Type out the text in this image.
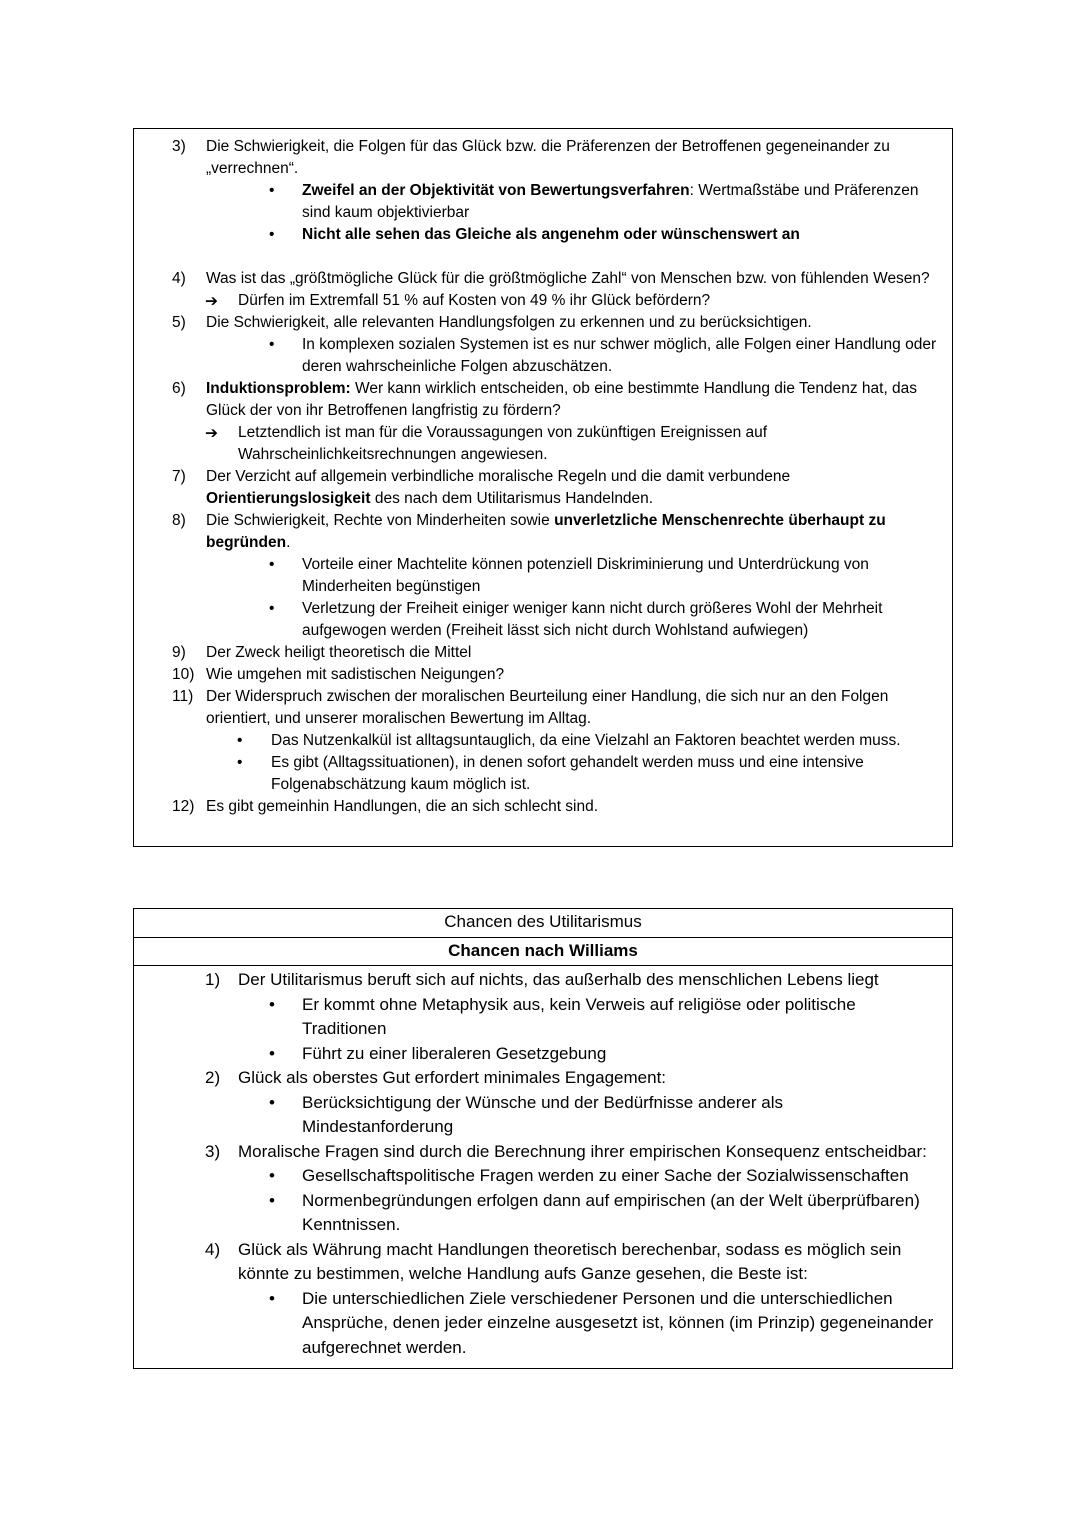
3) Die Schwierigkeit, die Folgen für das Glück bzw. die Präferenzen der Betroffenen gegeneinander zu „verrechnen“.
• Zweifel an der Objektivität von Bewertungsverfahren: Wertmaßstäbe und Präferenzen sind kaum objektivierbar
• Nicht alle sehen das Gleiche als angenehm oder wünschenswert an
4) Was ist das „größtmögliche Glück für die größtmögliche Zahl“ von Menschen bzw. von fühlenden Wesen?
➔ Dürfen im Extremfall 51 % auf Kosten von 49 % ihr Glück befördern?
5) Die Schwierigkeit, alle relevanten Handlungsfolgen zu erkennen und zu berücksichtigen.
• In komplexen sozialen Systemen ist es nur schwer möglich, alle Folgen einer Handlung oder deren wahrscheinliche Folgen abzuschätzen.
6) Induktionsproblem: Wer kann wirklich entscheiden, ob eine bestimmte Handlung die Tendenz hat, das Glück der von ihr Betroffenen langfristig zu fördern?
➔ Letztendlich ist man für die Voraussagungen von zukünftigen Ereignissen auf Wahrscheinlichkeitsrechnungen angewiesen.
7) Der Verzicht auf allgemein verbindliche moralische Regeln und die damit verbundene Orientierungslosigkeit des nach dem Utilitarismus Handelnden.
8) Die Schwierigkeit, Rechte von Minderheiten sowie unverletzliche Menschenrechte überhaupt zu begründen.
• Vorteile einer Machtelite können potenziell Diskriminierung und Unterdrückung von Minderheiten begünstigen
• Verletzung der Freiheit einiger weniger kann nicht durch größeres Wohl der Mehrheit aufgewogen werden (Freiheit lässt sich nicht durch Wohlstand aufwiegen)
9) Der Zweck heiligt theoretisch die Mittel
10) Wie umgehen mit sadistischen Neigungen?
11) Der Widerspruch zwischen der moralischen Beurteilung einer Handlung, die sich nur an den Folgen orientiert, und unserer moralischen Bewertung im Alltag.
• Das Nutzenkalkül ist alltagsuntauglich, da eine Vielzahl an Faktoren beachtet werden muss.
• Es gibt (Alltagssituationen), in denen sofort gehandelt werden muss und eine intensive Folgenabschätzung kaum möglich ist.
12) Es gibt gemeinhin Handlungen, die an sich schlecht sind.
Chancen des Utilitarismus
Chancen nach Williams
1) Der Utilitarismus beruft sich auf nichts, das außerhalb des menschlichen Lebens liegt
• Er kommt ohne Metaphysik aus, kein Verweis auf religiöse oder politische Traditionen
• Führt zu einer liberaleren Gesetzgebung
2) Glück als oberstes Gut erfordert minimales Engagement:
• Berücksichtigung der Wünsche und der Bedürfnisse anderer als Mindestanforderung
3) Moralische Fragen sind durch die Berechnung ihrer empirischen Konsequenz entscheidbar:
• Gesellschaftspolitische Fragen werden zu einer Sache der Sozialwissenschaften
• Normenbegründungen erfolgen dann auf empirischen (an der Welt überprüfbaren) Kenntnissen.
4) Glück als Währung macht Handlungen theoretisch berechenbar, sodass es möglich sein könnte zu bestimmen, welche Handlung aufs Ganze gesehen, die Beste ist:
• Die unterschiedlichen Ziele verschiedener Personen und die unterschiedlichen Ansprüche, denen jeder einzelne ausgesetzt ist, können (im Prinzip) gegeneinander aufgerechnet werden.
